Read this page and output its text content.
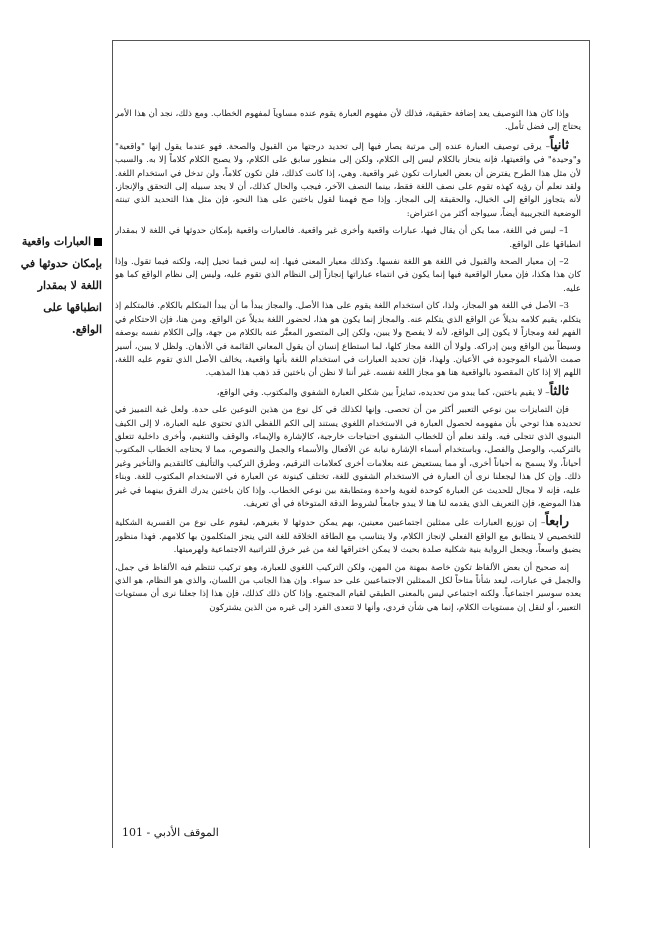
العبارات واقعية بإمكان حدوثها في اللغة لا بمقدار انطباقها على الواقع.

وإذا كان هذا التوصيف يعد إضافة حقيقية، فذلك لأن مفهوم العبارة يقوم عنده مساوياً لمفهوم الخطاب. ومع ذلك، نجد أن هذا الأمر يحتاج إلى فضل تأمل.

ثانياً– يرقى توصيف العبارة عنده إلى مرتبة يصار فيها إلى تحديد درجتها من القبول والصحة. فهو عندما يقول إنها "واقعية" و"وحيدة" في واقعيتها، فإنه ينحاز بالكلام ليس إلى الكلام، ولكن إلى منظور سابق على الكلام، ولا يصبح الكلام كلاماً إلا به. والسبب لأن مثل هذا الطرح يفترض أن بعض العبارات تكون غير واقعية. وهي، إذا كانت كذلك، فلن تكون كلاماً، ولن تدخل في استخدام اللغة. ولقد نعلم أن رؤية كهذه تقوم على نصف اللغة فقط، بينما النصف الآخر، فيجب والحال كذلك، أن لا يجد سبيله إلى التحقق والإنجاز، لأنه يتجاوز الواقع إلى الخيال، والحقيقة إلى المجاز. وإذا صح فهمنا لقول باختين على هذا النحو، فإن مثل هذا التحديد الذي تبنته الوضعية التجريبية أيضاً، سيواجه أكثر من اعتراض:

1– ليس في اللغة، مما يكن أن يقال فيها، عبارات واقعية وأخرى غير واقعية. فالعبارات واقعية بإمكان حدوثها في اللغة لا بمقدار انطباقها على الواقع.

2– إن معيار الصحة والقبول في اللغة هو اللغة نفسها. وكذلك معيار المعنى فيها. إنه ليس فيما تحيل إليه، ولكنه فيما تقول. وإذا كان هذا هكذا، فإن معيار الواقعية فيها إنما يكون في انتماء عباراتها إنجازاً إلى النظام الذي تقوم عليه، وليس إلى نظام الواقع كما هو عليه.

3– الأصل في اللغة هو المجاز، ولذا، كان استخدام اللغة يقوم على هذا الأصل. والمجاز يبدأ ما أن يبدأ المتكلم بالكلام. فالمتكلم إذ يتكلم، يقيم كلامه بديلاً عن الواقع الذي يتكلم عنه. والمجاز إنما يكون هو هذا، لحضور اللغة بديلاً عن الواقع. ومن هنا، فإن الاحتكام في الفهم لغة ومجازاً لا يكون إلى الواقع، لأنه لا يفصح ولا يبين، ولكن إلى المتصور المعبَّر عنه بالكلام من جهة، وإلى الكلام نفسه بوصفه وسيطاً بين الواقع وبين إدراكه. ولولا أن اللغة مجاز كلها، لما استطاع إنسان أن يقول المعاني القائمة في الأذهان. ولظل لا يبين، أسير صمت الأشياء الموجودة في الأعيان. ولهذا، فإن تحديد العبارات في استخدام اللغة بأنها واقعية، يخالف الأصل الذي تقوم عليه اللغة، اللهم إلا إذا كان المقصود بالواقعية هنا هو مجاز اللغة نفسه. غير أننا لا نظن أن باختين قد ذهب هذا المذهب.

ثالثاً– لا يقيم باختين، كما يبدو من تحديده، تمايزاً بين شكلي العبارة الشفوي والمكتوب. وفي الواقع،

فإن التمايزات بين نوعي التعبير أكثر من أن تحصى. وإنها لكذلك في كل نوع من هذين النوعين على حدة. ولعل غية التمييز في تحديده هذا توحي بأن مفهومه لحصول العبارة في الاستخدام اللغوي يستند إلى الكم اللفظي الذي تحتوي عليه العبارة، لا إلى الكيف البنيوي الذي تتجلى فيه. ولقد نعلم أن للخطاب الشفوي احتياجات خارجية، كالإشارة والإيماء، والوقف والتنغيم، وأخرى داخلية تتعلق بالتركيب، والوصل والفصل، وباستخدام أسماء الإشارة نيابة عن الأفعال والأسماء والجمل والنصوص، مما لا يحتاجه الخطاب المكتوب أحياناً، ولا يسمح به أحياناً أخرى، أو مما يستعيض عنه بعلامات أخرى كعلامات الترقيم، وطرق التركيب والتأليف كالتقديم والتأخير وغير ذلك. وإن كل هذا ليجعلنا نرى أن العبارة في الاستخدام الشفوي للغة، تختلف كينونة عن العبارة في الاستخدام المكتوب للغة. وبناء عليه، فإنه لا مجال للحديث عن العبارة كوحدة لغوية واحدة ومتطابقة بين نوعي الخطاب. وإذا كان باختين يدرك الفرق بينهما في غير هذا الموضع، فإن التعريف الذي يقدمه لنا هنا لا يبدو جامعاً لشروط الدقة المتوخاة في أي تعريف.

رابعاً– إن توزيع العبارات على ممثلين اجتماعيين معينين، بهم يمكن حدوثها لا بغيرهم، ليقوم على نوع من القسرية الشكلية للتخصيص لا يتطابق مع الواقع الفعلي لإنجاز الكلام، ولا يتناسب مع الطاقة الخلاقة للغة التي ينجز المتكلمون بها كلامهم. فهذا منظور يضيق واسعاً، ويجعل الرواية بنية شكلية صلدة بحيث لا يمكن اختراقها لغة من غير خرق للتراتبية الاجتماعية ولهرميتها.

إنه صحيح أن بعض الألفاظ تكون خاصة بمهنة من المهن، ولكن التركيب اللغوي للعبارة، وهو تركيب تنتظم فيه الألفاظ في جمل، والجمل في عبارات، ليعد شأناً متاحاً لكل الممثلين الاجتماعيين على حد سواء. وإن هذا الجانب من اللسان، والذي هو النظام، هو الذي يعده سوسير اجتماعياً. ولكنه اجتماعي ليس بالمعنى الطبقي لقيام المجتمع. وإذا كان ذلك كذلك، فإن هذا إذا جعلنا نرى أن مستويات التعبير، أو لنقل إن مستويات الكلام، إنما هي شأن فردي، وأنها لا تتعدى الفرد إلى غيره من الذين يشتركون

الموقف الأدبي - 101
